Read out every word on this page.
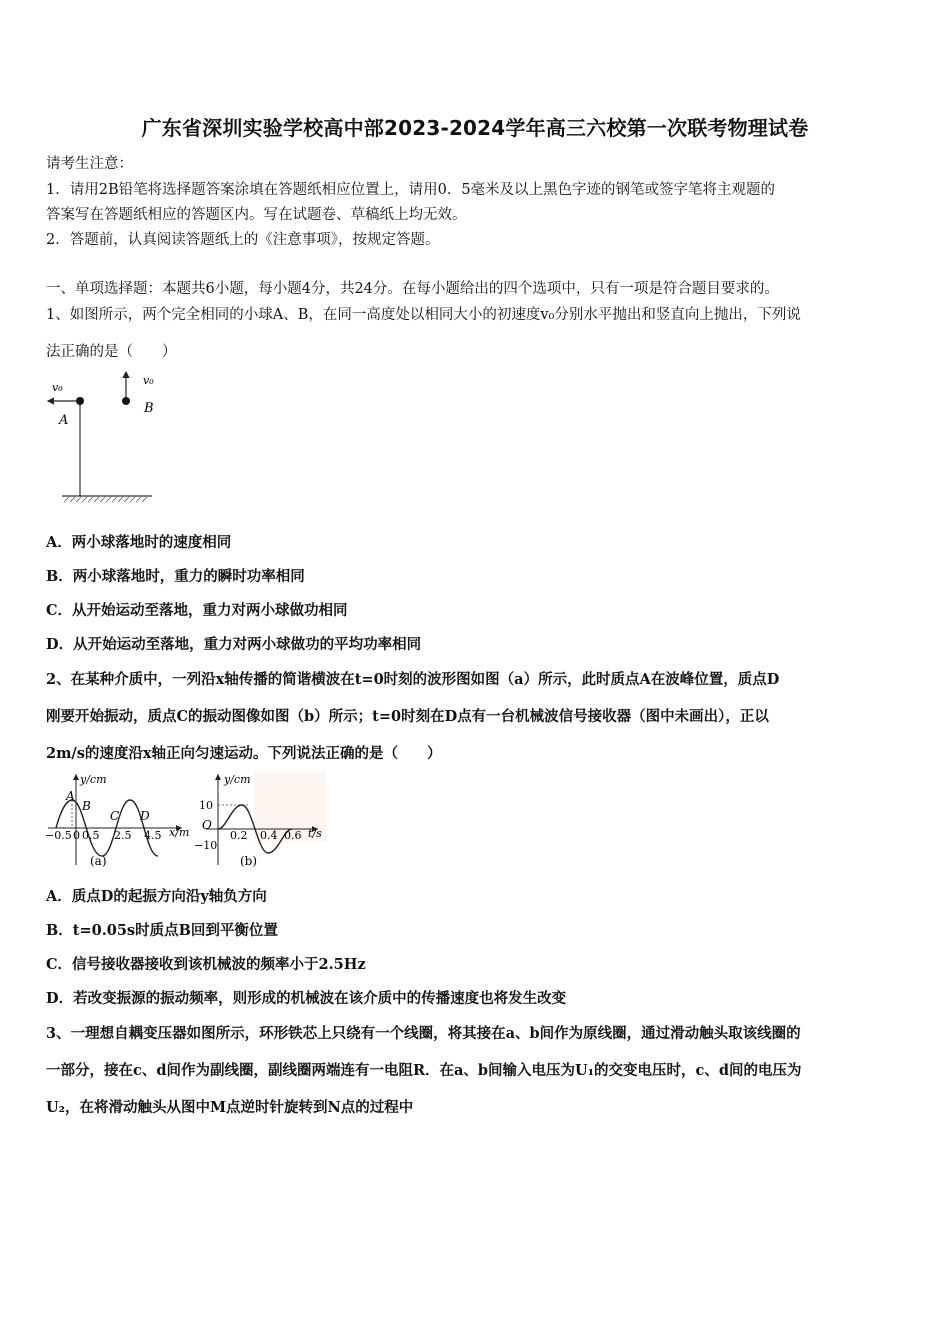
广东省深圳实验学校高中部2023-2024学年高三六校第一次联考物理试卷
请考生注意：
1．请用2B铅笔将选择题答案涂填在答题纸相应位置上，请用0．5毫米及以上黑色字迹的钢笔或签字笔将主观题的
答案写在答题纸相应的答题区内。写在试题卷、草稿纸上均无效。
2．答题前，认真阅读答题纸上的《注意事项》，按规定答题。
一、单项选择题：本题共6小题，每小题4分，共24分。在每小题给出的四个选项中，只有一项是符合题目要求的。
1、如图所示，两个完全相同的小球A、B，在同一高度处以相同大小的初速度v₀分别水平抛出和竖直向上抛出，下列说
法正确的是（　　）
v₀
v₀
A
B
A．两小球落地时的速度相同
B．两小球落地时，重力的瞬时功率相同
C．从开始运动至落地，重力对两小球做功相同
D．从开始运动至落地，重力对两小球做功的平均功率相同
2、在某种介质中，一列沿x轴传播的简谐横波在t=0时刻的波形图如图（a）所示，此时质点A在波峰位置，质点D
刚要开始振动，质点C的振动图像如图（b）所示；t=0时刻在D点有一台机械波信号接收器（图中未画出），正以
2m/s的速度沿x轴正向匀速运动。下列说法正确的是（　　）
y/cm
A
B
C D
−0.5 0 0.5 2.5 4.5 x/m
(a)
y/cm
10
O
−10
0.2 0.4 0.6 t/s
(b)
A．质点D的起振方向沿y轴负方向
B．t=0.05s时质点B回到平衡位置
C．信号接收器接收到该机械波的频率小于2.5Hz
D．若改变振源的振动频率，则形成的机械波在该介质中的传播速度也将发生改变
3、一理想自耦变压器如图所示，环形铁芯上只绕有一个线圈，将其接在a、b间作为原线圈，通过滑动触头取该线圈的
一部分，接在c、d间作为副线圈，副线圈两端连有一电阻R．在a、b间输入电压为U₁的交变电压时，c、d间的电压为
U₂，在将滑动触头从图中M点逆时针旋转到N点的过程中
